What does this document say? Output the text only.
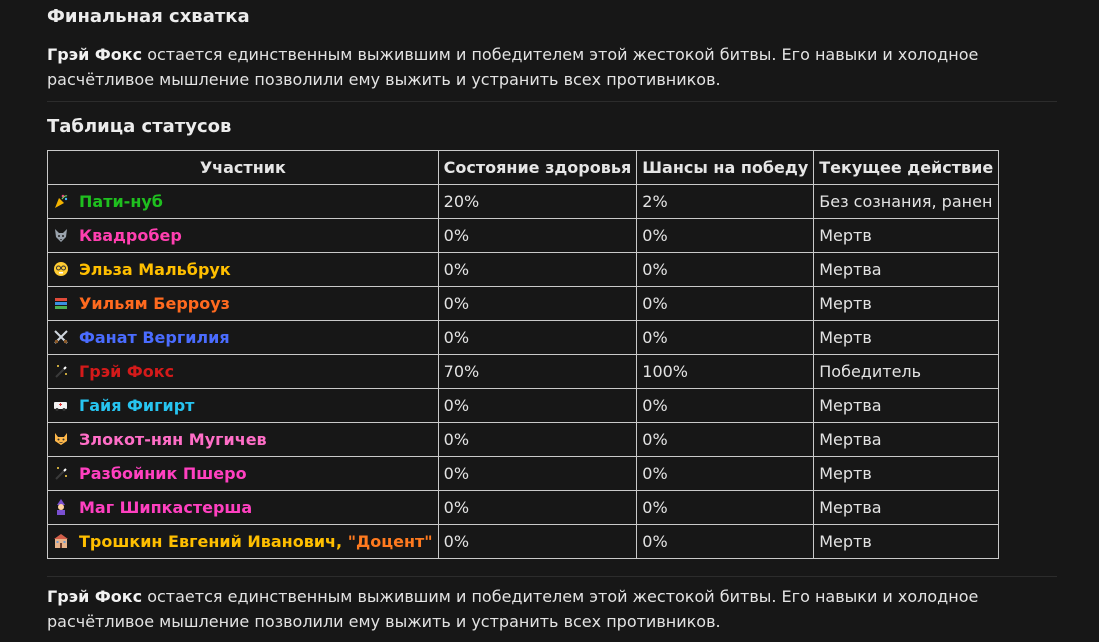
Финальная схватка
Грэй Фокс остается единственным выжившим и победителем этой жестокой битвы. Его навыки и холодное расчётливое мышление позволили ему выжить и устранить всех противников.
Таблица статусов
Участник	Состояние здоровья	Шансы на победу	Текущее действие

Пати-нуб	20%	2%	Без сознания, ранен

Квадробер	0%	0%	Мертв

Эльза Мальбрук	0%	0%	Мертва

Уильям Берроуз	0%	0%	Мертв

Фанат Вергилия	0%	0%	Мертв

Грэй Фокс	70%	100%	Победитель

Гайя Фигирт	0%	0%	Мертва

Злокот-нян Мугичев	0%	0%	Мертва

Разбойник Пшеро	0%	0%	Мертв

Маг Шипкастерша	0%	0%	Мертва

Трошкин Евгений Иванович, "Доцент"	0%	0%	Мертв
Грэй Фокс остается единственным выжившим и победителем этой жестокой битвы. Его навыки и холодное расчётливое мышление позволили ему выжить и устранить всех противников.
